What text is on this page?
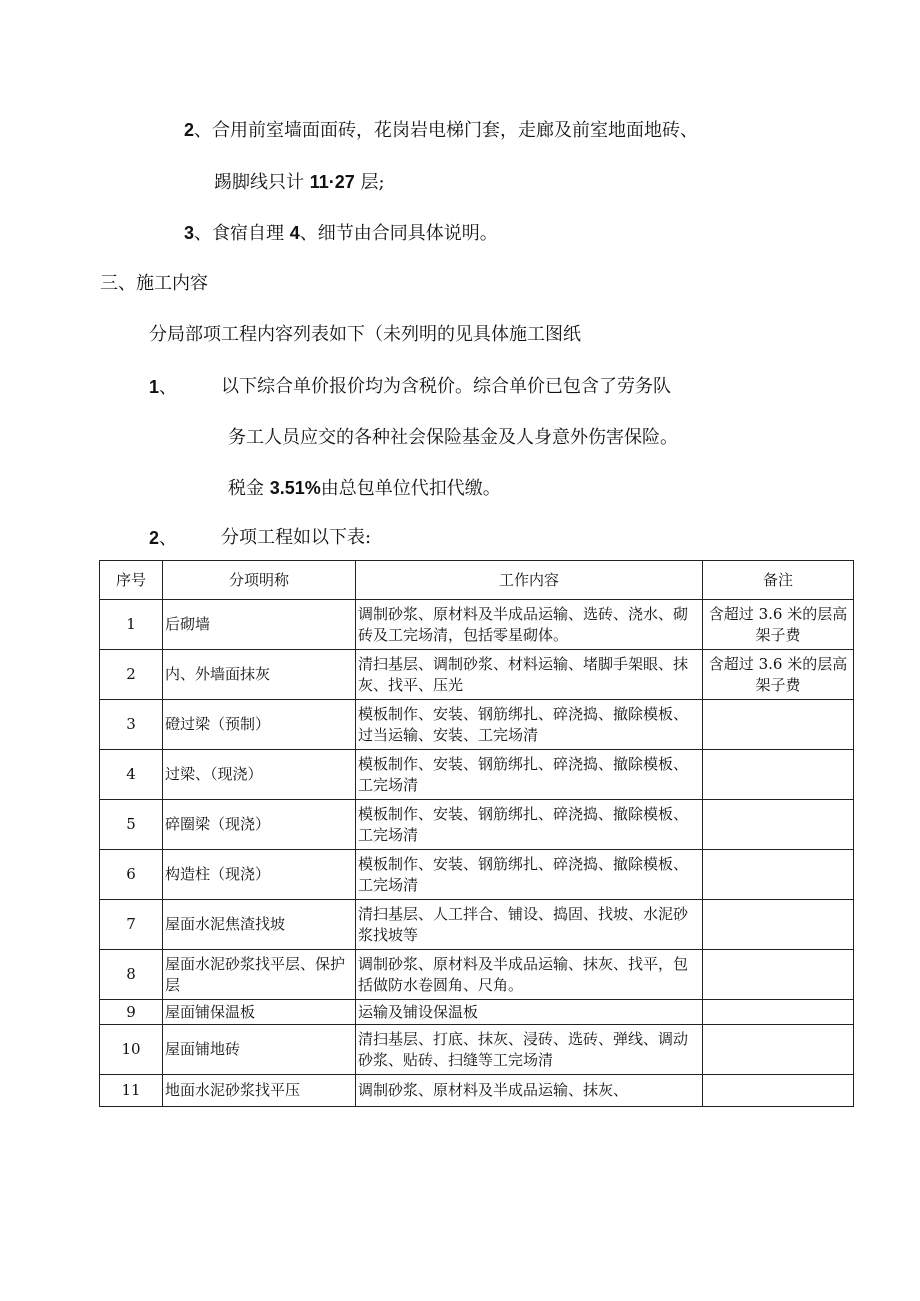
2、合用前室墙面面砖，花岗岩电梯门套，走廊及前室地面地砖、
踢脚线只计 11·27 层;
3、食宿自理 4、细节由合同具体说明。
三、施工内容
分局部项工程内容列表如下（未列明的见具体施工图纸
1、 以下综合单价报价均为含税价。综合单价已包含了劳务队
务工人员应交的各种社会保险基金及人身意外伤害保险。
税金 3.51%由总包单位代扣代缴。
2、 分项工程如以下表:
序号	分项明称	工作内容	备注
1	后砌墙	调制砂浆、原材料及半成品运输、选砖、浇水、砌砖及工完场清，包括零星砌体。	含超过 3.6 米的层高架子费
2	内、外墙面抹灰	清扫基层、调制砂浆、材料运输、堵脚手架眼、抹灰、找平、压光	含超过 3.6 米的层高架子费
3	磴过梁（预制）	模板制作、安装、钢筋绑扎、碎浇捣、撤除模板、过当运输、安装、工完场清	
4	过梁、（现浇）	模板制作、安装、钢筋绑扎、碎浇捣、撤除模板、工完场清	
5	碎圈梁（现浇）	模板制作、安装、钢筋绑扎、碎浇捣、撤除模板、工完场清	
6	构造柱（现浇）	模板制作、安装、钢筋绑扎、碎浇捣、撤除模板、工完场清	
7	屋面水泥焦渣找坡	清扫基层、人工拌合、铺设、捣固、找坡、水泥砂浆找坡等	
8	屋面水泥砂浆找平层、保护层	调制砂浆、原材料及半成品运输、抹灰、找平，包括做防水卷圆角、尺角。	
9	屋面铺保温板	运输及铺设保温板	
10	屋面铺地砖	清扫基层、打底、抹灰、浸砖、选砖、弹线、调动砂浆、贴砖、扫缝等工完场清	
11	地面水泥砂浆找平压	调制砂浆、原材料及半成品运输、抹灰、	
